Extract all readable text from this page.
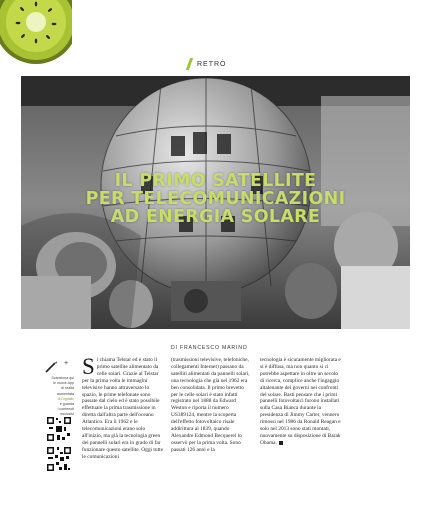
RETRÒ
IL PRIMO SATELLITE
PER TELECOMUNICAZIONI
AD ENERGIA SOLARE
DI FRANCESCO MARINO
+
Scansiona qui
le nuove App
di realtà
aumentata
di Digitalic
e guarda
i contenuti
esclusivi
S i chiama Telstar ed è stato il primo satellite alimentato da celle solari. Grazie al Telstar per la prima volta le immagini televisive hanno attraversato lo spazio, le prime telefonate sono passate dal cielo ed è stato possibile effettuare la prima trasmissione in diretta dall'altra parte dell'oceano Atlantico. Era il 1962 e le telecomunicazioni erano solo all'inizio, ma già la tecnologia green dei pannelli solari era in grado di far funzionare questo satellite. Oggi tutte le comunicazioni

(trasmissioni televisive, telefoniche, collegamenti Internet) passano da satelliti alimentati da pannelli solari, una tecnologia che già nel 1962 era ben consolidata. Il primo brevetto per le celle solari è stato infatti registrato nel 1888 da Edward Weston e riporta il numero US389124, mentre la scoperta dell'effetto fotovoltaico risale addirittura al 1839, quando Alexandre Edmond Becquerel lo osservò per la prima volta. Sono passati 126 anni e la

tecnologia è sicuramente migliorata e si è diffusa, ma non quanto si ci potrebbe aspettare in oltre un secolo di ricerca, complice anche l'ingaggio altalenante dei governi nei confronti del solare. Basti pensare che i primi pannelli fotovoltaici furono installati sulla Casa Bianca durante la presidenza di Jimmy Carter, vennero rimossi nel 1986 da Ronald Reagan e solo nel 2013 sono stati montati, nuovamente su disposizione di Barak Obama.
